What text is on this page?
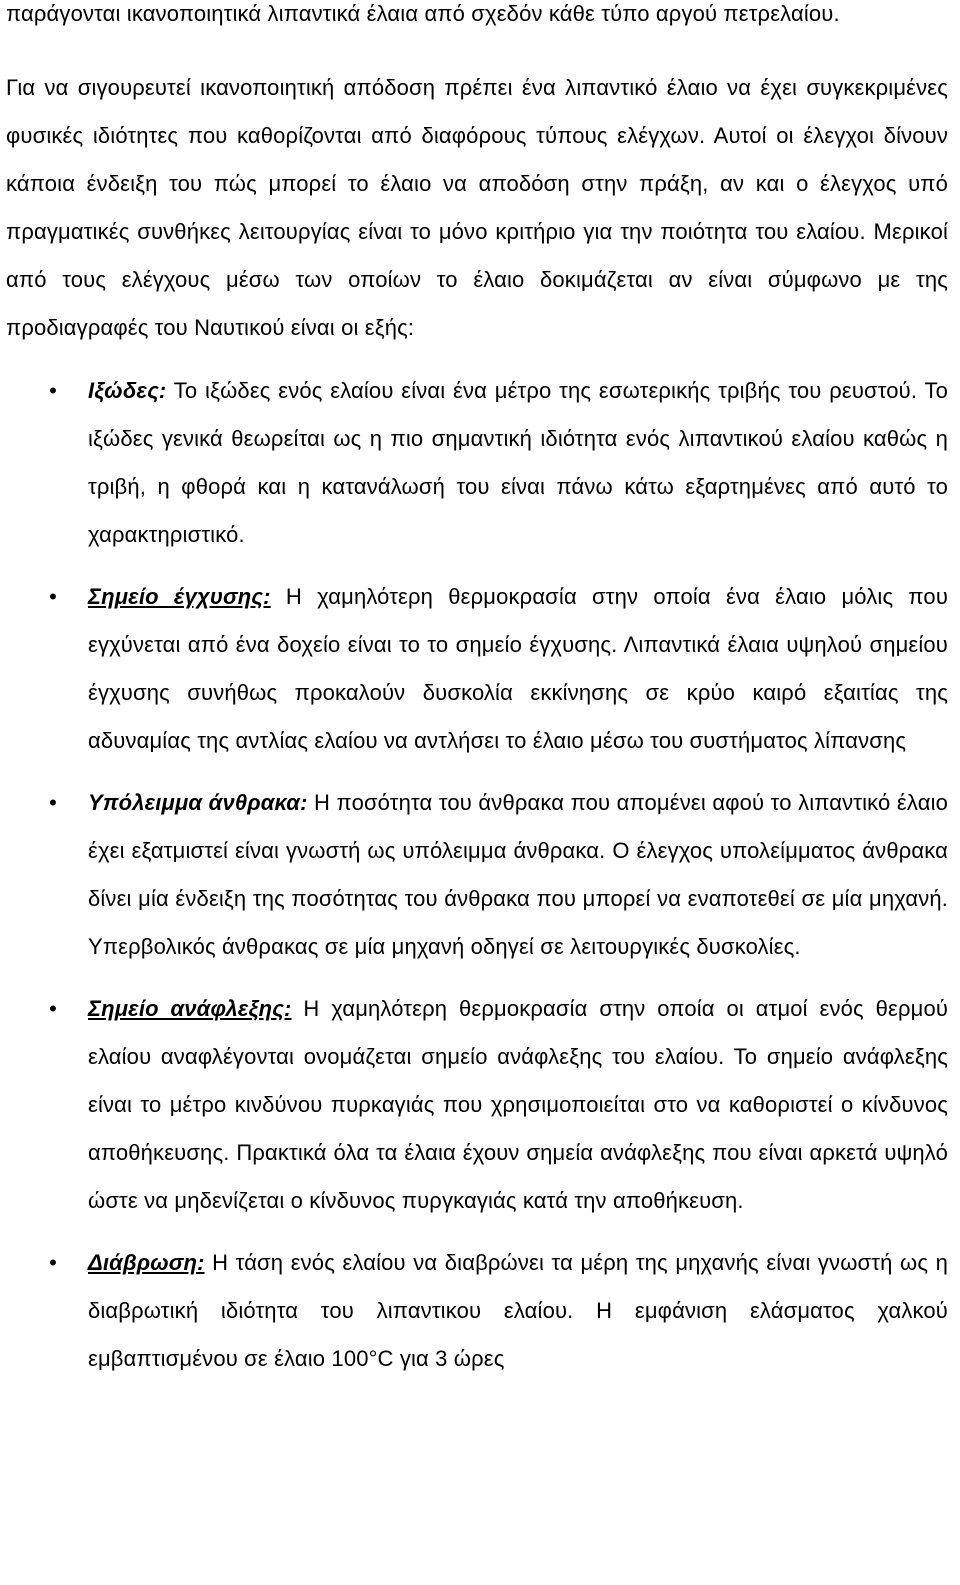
παράγονται ικανοποιητικά λιπαντικά έλαια από σχεδόν κάθε τύπο αργού πετρελαίου.

Για να σιγουρευτεί ικανοποιητική απόδοση πρέπει ένα λιπαντικό έλαιο να έχει συγκεκριμένες φυσικές ιδιότητες που καθορίζονται από διαφόρους τύπους ελέγχων. Αυτοί οι έλεγχοι δίνουν κάποια ένδειξη του πώς μπορεί το έλαιο να αποδόση στην πράξη, αν και ο έλεγχος υπό πραγματικές συνθήκες λειτουργίας είναι το μόνο κριτήριο για την ποιότητα του ελαίου. Μερικοί από τους ελέγχους μέσω των οποίων το έλαιο δοκιμάζεται αν είναι σύμφωνο με της προδιαγραφές του Ναυτικού είναι οι εξής:

• Ιξώδες: Το ιξώδες ενός ελαίου είναι ένα μέτρο της εσωτερικής τριβής του ρευστού. Το ιξώδες γενικά θεωρείται ως η πιο σημαντική ιδιότητα ενός λιπαντικού ελαίου καθώς η τριβή, η φθορά και η κατανάλωσή του είναι πάνω κάτω εξαρτημένες από αυτό το χαρακτηριστικό.
• Σημείο έγχυσης: Η χαμηλότερη θερμοκρασία στην οποία ένα έλαιο μόλις που εγχύνεται από ένα δοχείο είναι το το σημείο έγχυσης. Λιπαντικά έλαια υψηλού σημείου έγχυσης συνήθως προκαλούν δυσκολία εκκίνησης σε κρύο καιρό εξαιτίας της αδυναμίας της αντλίας ελαίου να αντλήσει το έλαιο μέσω του συστήματος λίπανσης
• Υπόλειμμα άνθρακα: Η ποσότητα του άνθρακα που απομένει αφού το λιπαντικό έλαιο έχει εξατμιστεί είναι γνωστή ως υπόλειμμα άνθρακα. Ο έλεγχος υπολείμματος άνθρακα δίνει μία ένδειξη της ποσότητας του άνθρακα που μπορεί να εναποτεθεί σε μία μηχανή. Υπερβολικός άνθρακας σε μία μηχανή οδηγεί σε λειτουργικές δυσκολίες.
• Σημείο ανάφλεξης: Η χαμηλότερη θερμοκρασία στην οποία οι ατμοί ενός θερμού ελαίου αναφλέγονται ονομάζεται σημείο ανάφλεξης του ελαίου. Το σημείο ανάφλεξης είναι το μέτρο κινδύνου πυρκαγιάς που χρησιμοποιείται στο να καθοριστεί ο κίνδυνος αποθήκευσης. Πρακτικά όλα τα έλαια έχουν σημεία ανάφλεξης που είναι αρκετά υψηλό ώστε να μηδενίζεται ο κίνδυνος πυργκαγιάς κατά την αποθήκευση.
• Διάβρωση: Η τάση ενός ελαίου να διαβρώνει τα μέρη της μηχανής είναι γνωστή ως η διαβρωτική ιδιότητα του λιπαντικου ελαίου. Η εμφάνιση ελάσματος χαλκού εμβαπτισμένου σε έλαιο 100°C για 3 ώρες
